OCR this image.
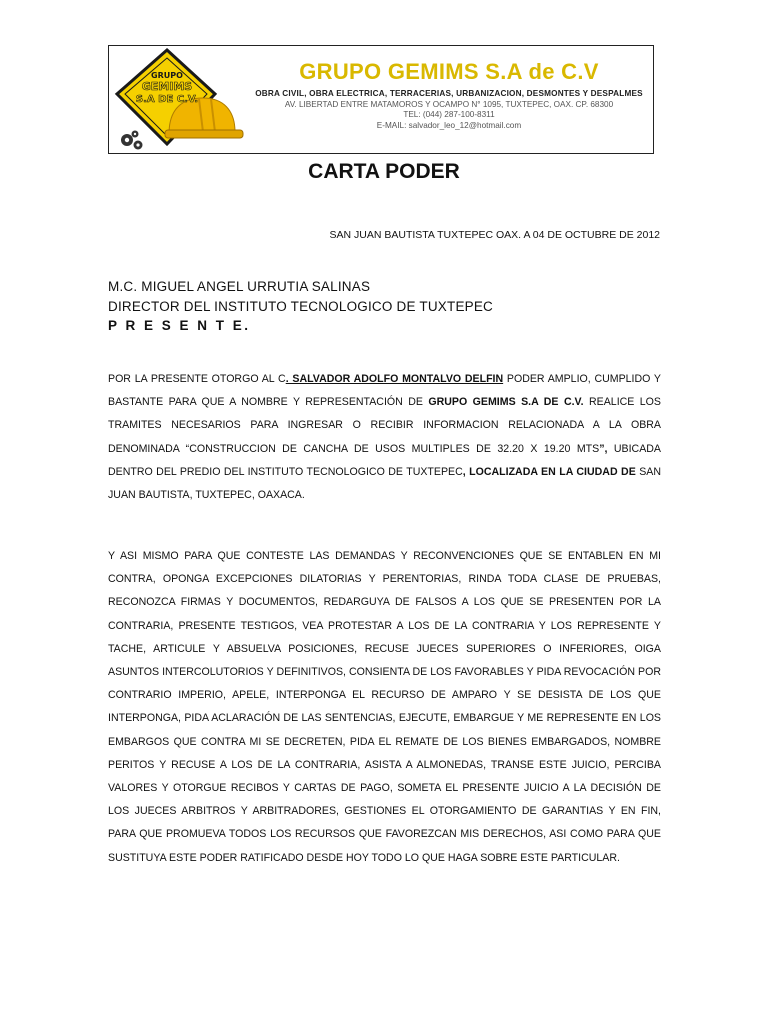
GRUPO
GEMIMS
S.A DE C.V.
GRUPO GEMIMS S.A de C.V
OBRA CIVIL, OBRA ELECTRICA, TERRACERIAS, URBANIZACION, DESMONTES Y DESPALMES
AV. LIBERTAD ENTRE MATAMOROS Y OCAMPO N° 1095, TUXTEPEC, OAX. CP. 68300
TEL: (044) 287-100-8311
E-MAIL: salvador_leo_12@hotmail.com
CARTA PODER
SAN JUAN BAUTISTA TUXTEPEC OAX. A 04 DE OCTUBRE DE 2012
M.C. MIGUEL ANGEL URRUTIA SALINAS
DIRECTOR DEL INSTITUTO TECNOLOGICO DE TUXTEPEC
P R E S E N T E.
POR LA PRESENTE OTORGO AL C. SALVADOR ADOLFO MONTALVO DELFIN PODER AMPLIO, CUMPLIDO Y BASTANTE PARA QUE A NOMBRE Y REPRESENTACIÓN DE GRUPO GEMIMS S.A DE C.V. REALICE LOS TRAMITES NECESARIOS PARA INGRESAR O RECIBIR INFORMACION RELACIONADA A LA OBRA DENOMINADA “CONSTRUCCION DE CANCHA DE USOS MULTIPLES DE 32.20 X 19.20 MTS”, UBICADA DENTRO DEL PREDIO DEL INSTITUTO TECNOLOGICO DE TUXTEPEC, LOCALIZADA EN LA CIUDAD DE SAN JUAN BAUTISTA, TUXTEPEC, OAXACA.
Y ASI MISMO PARA QUE CONTESTE LAS DEMANDAS Y RECONVENCIONES QUE SE ENTABLEN EN MI CONTRA, OPONGA EXCEPCIONES DILATORIAS Y PERENTORIAS, RINDA TODA CLASE DE PRUEBAS, RECONOZCA FIRMAS Y DOCUMENTOS, REDARGUYA DE FALSOS A LOS QUE SE PRESENTEN POR LA CONTRARIA, PRESENTE TESTIGOS, VEA PROTESTAR A LOS DE LA CONTRARIA Y LOS REPRESENTE Y TACHE, ARTICULE Y ABSUELVA POSICIONES, RECUSE JUECES SUPERIORES O INFERIORES, OIGA ASUNTOS INTERCOLUTORIOS Y DEFINITIVOS, CONSIENTA DE LOS FAVORABLES Y PIDA REVOCACIÓN POR CONTRARIO IMPERIO, APELE, INTERPONGA EL RECURSO DE AMPARO Y SE DESISTA DE LOS QUE INTERPONGA, PIDA ACLARACIÓN DE LAS SENTENCIAS, EJECUTE, EMBARGUE Y ME REPRESENTE EN LOS EMBARGOS QUE CONTRA MI SE DECRETEN, PIDA EL REMATE DE LOS BIENES EMBARGADOS, NOMBRE PERITOS Y RECUSE A LOS DE LA CONTRARIA, ASISTA A ALMONEDAS, TRANSE ESTE JUICIO, PERCIBA VALORES Y OTORGUE RECIBOS Y CARTAS DE PAGO, SOMETA EL PRESENTE JUICIO A LA DECISIÓN DE LOS JUECES ARBITROS Y ARBITRADORES, GESTIONES EL OTORGAMIENTO DE GARANTIAS Y EN FIN, PARA QUE PROMUEVA TODOS LOS RECURSOS QUE FAVOREZCAN MIS DERECHOS, ASI COMO PARA QUE SUSTITUYA ESTE PODER RATIFICADO DESDE HOY TODO LO QUE HAGA SOBRE ESTE PARTICULAR.
